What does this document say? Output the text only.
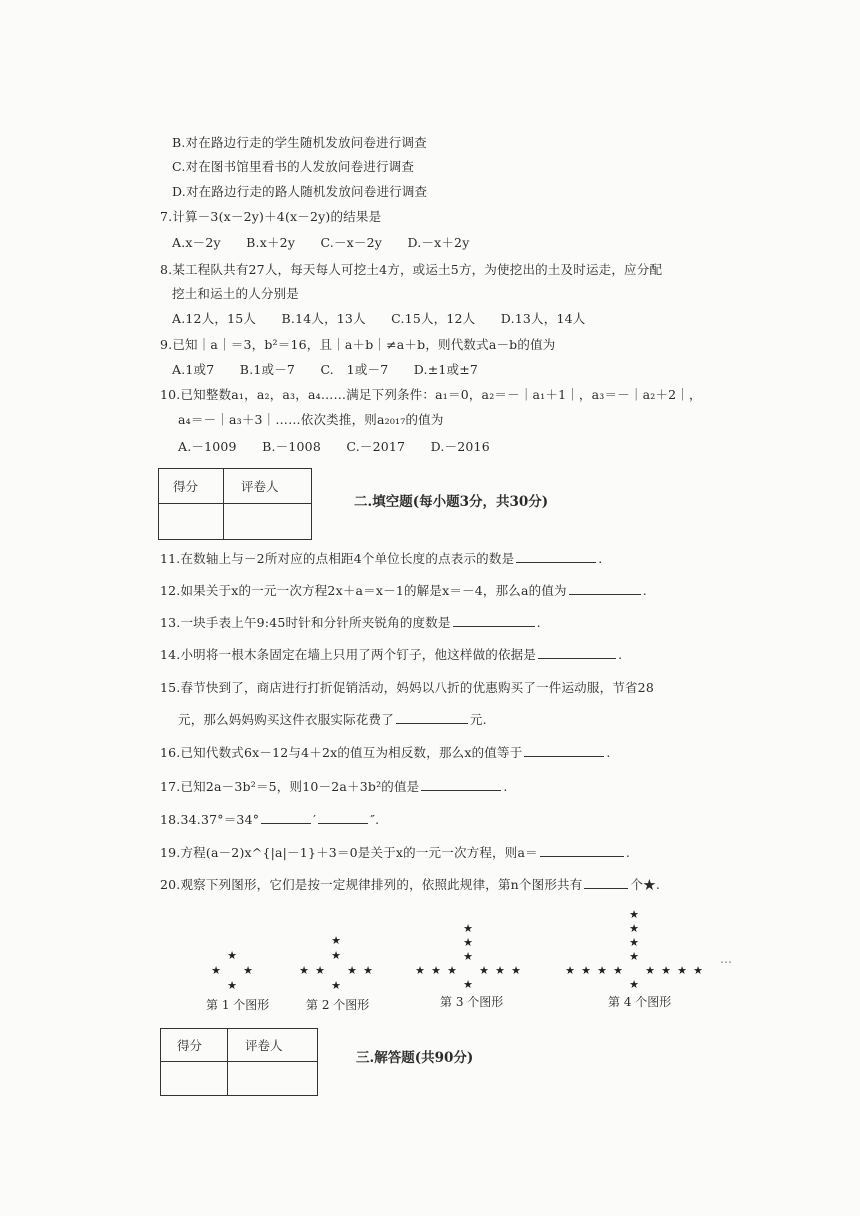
B.对在路边行走的学生随机发放问卷进行调查
C.对在图书馆里看书的人发放问卷进行调查
D.对在路边行走的路人随机发放问卷进行调查
7.计算－3(x－2y)＋4(x－2y)的结果是
A.x－2y　　B.x＋2y　　C.－x－2y　　D.－x＋2y
8.某工程队共有27人，每天每人可挖土4方，或运土5方，为使挖出的土及时运走，应分配
挖土和运土的人分别是
A.12人，15人　　B.14人，13人　　C.15人，12人　　D.13人，14人
9.已知｜a｜＝3，b²＝16，且｜a＋b｜≠a＋b，则代数式a－b的值为
A.1或7　　B.1或－7　　C.　1或－7　　D.±1或±7
10.已知整数a₁，a₂，a₃，a₄……满足下列条件：a₁＝0，a₂＝－｜a₁＋1｜，a₃＝－｜a₂＋2｜，
a₄＝－｜a₃＋3｜……依次类推，则a₂₀₁₇的值为
A.－1009　　B.－1008　　C.－2017　　D.－2016
得分	评卷人
二.填空题(每小题3分，共30分)
11.在数轴上与－2所对应的点相距4个单位长度的点表示的数是	.
12.如果关于x的一元一次方程2x＋a＝x－1的解是x＝－4，那么a的值为	.
13.一块手表上午9:45时针和分针所夹锐角的度数是	.
14.小明将一根木条固定在墙上只用了两个钉子，他这样做的依据是	.
15.春节快到了，商店进行打折促销活动，妈妈以八折的优惠购买了一件运动服，节省28
元，那么妈妈购买这件衣服实际花费了	元.
16.已知代数式6x－12与4＋2x的值互为相反数，那么x的值等于	.
17.已知2a－3b²＝5，则10－2a＋3b²的值是	.
18.34.37°＝34°	′	″.
19.方程(a－2)x^{|a|－1}＋3＝0是关于x的一元一次方程，则a＝	.
20.观察下列图形，它们是按一定规律排列的，依照此规律，第n个图形共有	个★.
★ ★
★
★
★ ★
★
★
★	★
★
★ ★
★
★
★	★
★
★	★
★
★ ★
★
★
★	★
★
★	★
★
★	★
★
第 1 个图形	第 2 个图形	第 3 个图形	第 4 个图形
…
得分	评卷人
三.解答题(共90分)
